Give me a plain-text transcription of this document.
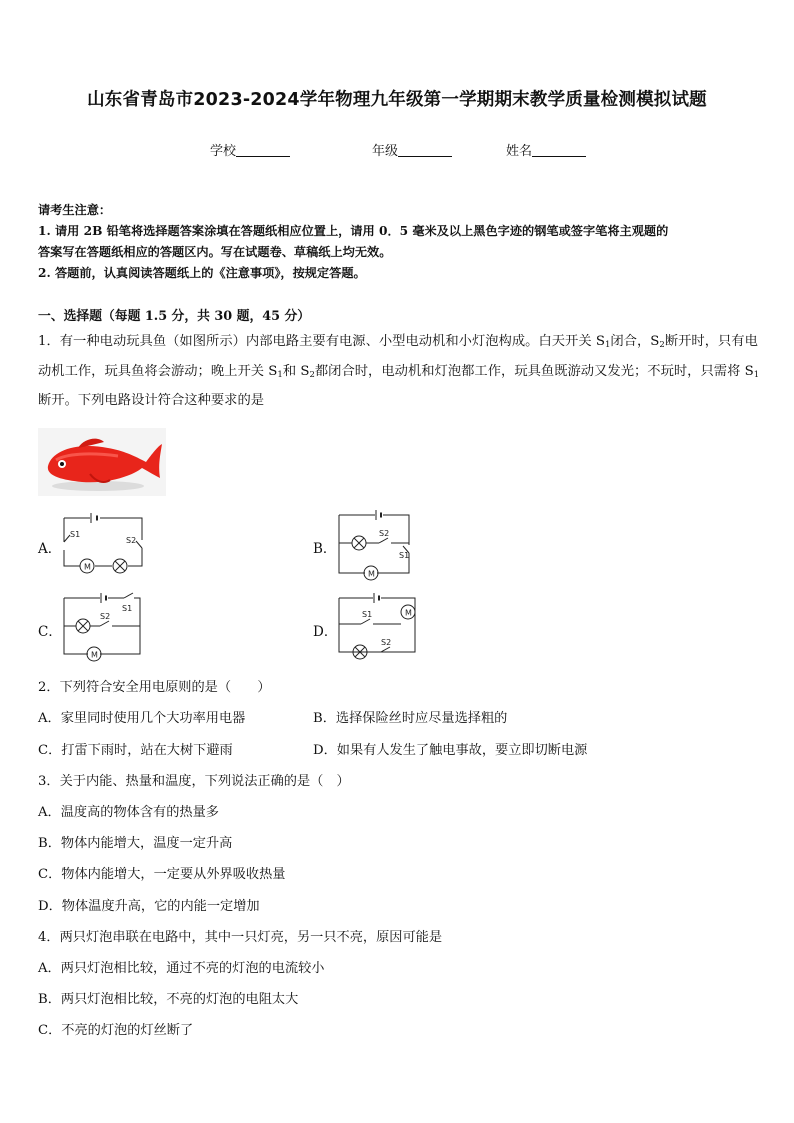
山东省青岛市2023-2024学年物理九年级第一学期期末教学质量检测模拟试题
学校	年级	姓名
请考生注意：
1. 请用 2B 铅笔将选择题答案涂填在答题纸相应位置上，请用 0．5 毫米及以上黑色字迹的钢笔或签字笔将主观题的
答案写在答题纸相应的答题区内。写在试题卷、草稿纸上均无效。
2. 答题前，认真阅读答题纸上的《注意事项》，按规定答题。
一、选择题（每题 1.5 分，共 30 题，45 分）
1．有一种电动玩具鱼（如图所示）内部电路主要有电源、小型电动机和小灯泡构成。白天开关 $S_1$闭合，$S_2$断开时，只有电动机工作，玩具鱼将会游动；晚上开关 $S_1$和 $S_2$都闭合时，电动机和灯泡都工作，玩具鱼既游动又发光；不玩时，只需将 $S_1$断开。下列电路设计符合这种要求的是
A．
M
S1
S2
B．
M
S2
S1
C．
M
S2
S1
D．
M
S1
S2
2．下列符合安全用电原则的是（　　）
A．家里同时使用几个大功率用电器	B．选择保险丝时应尽量选择粗的
C．打雷下雨时，站在大树下避雨	D．如果有人发生了触电事故，要立即切断电源
3．关于内能、热量和温度，下列说法正确的是（　）
A．温度高的物体含有的热量多
B．物体内能增大，温度一定升高
C．物体内能增大，一定要从外界吸收热量
D．物体温度升高，它的内能一定增加
4．两只灯泡串联在电路中，其中一只灯亮，另一只不亮，原因可能是
A．两只灯泡相比较，通过不亮的灯泡的电流较小
B．两只灯泡相比较，不亮的灯泡的电阻太大
C．不亮的灯泡的灯丝断了
